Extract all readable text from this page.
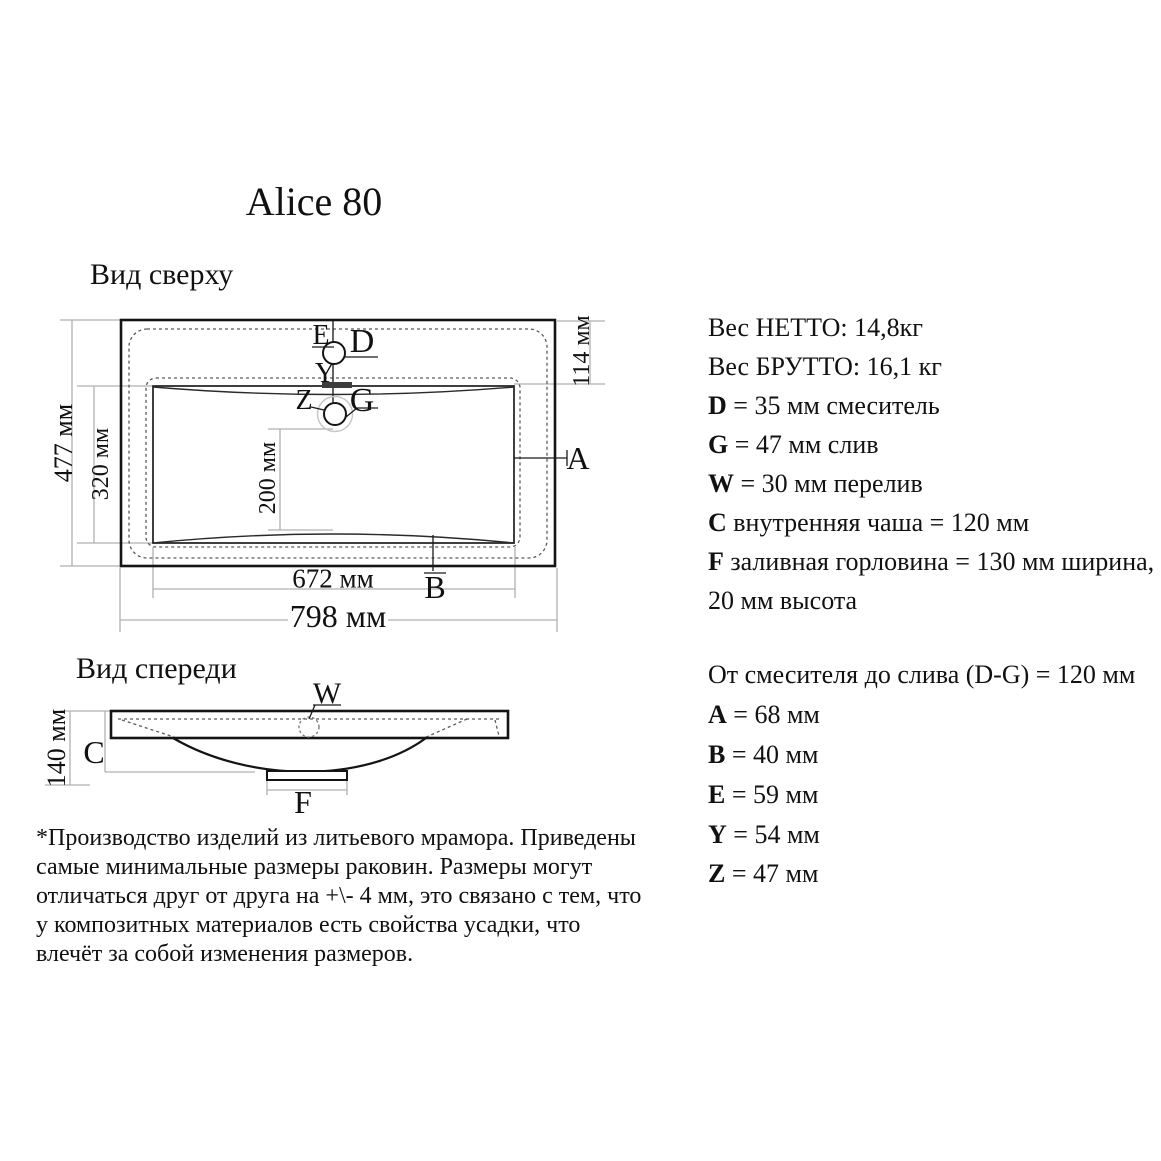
Alice 80
Вид сверху
Вид спереди
E D
Y
Z G
A
B
477 мм 320 мм	200 мм
114 мм
672 мм
798 мм
W
C
F
140 мм
Вес НЕТТО: 14,8кг
Вес БРУТТО: 16,1 кг
D = 35 мм смеситель
G = 47 мм слив
W = 30 мм перелив
C внутренняя чаша = 120 мм
F заливная горловина = 130 мм ширина,
20 мм высота
От смесителя до слива (D-G) = 120 мм
A = 68 мм
B = 40 мм
E = 59 мм
Y = 54 мм
Z = 47 мм
*Производство изделий из литьевого мрамора. Приведены
самые минимальные размеры раковин. Размеры могут
отличаться друг от друга на +\- 4 мм, это связано с тем, что
у композитных материалов есть свойства усадки, что
влечёт за собой изменения размеров.
